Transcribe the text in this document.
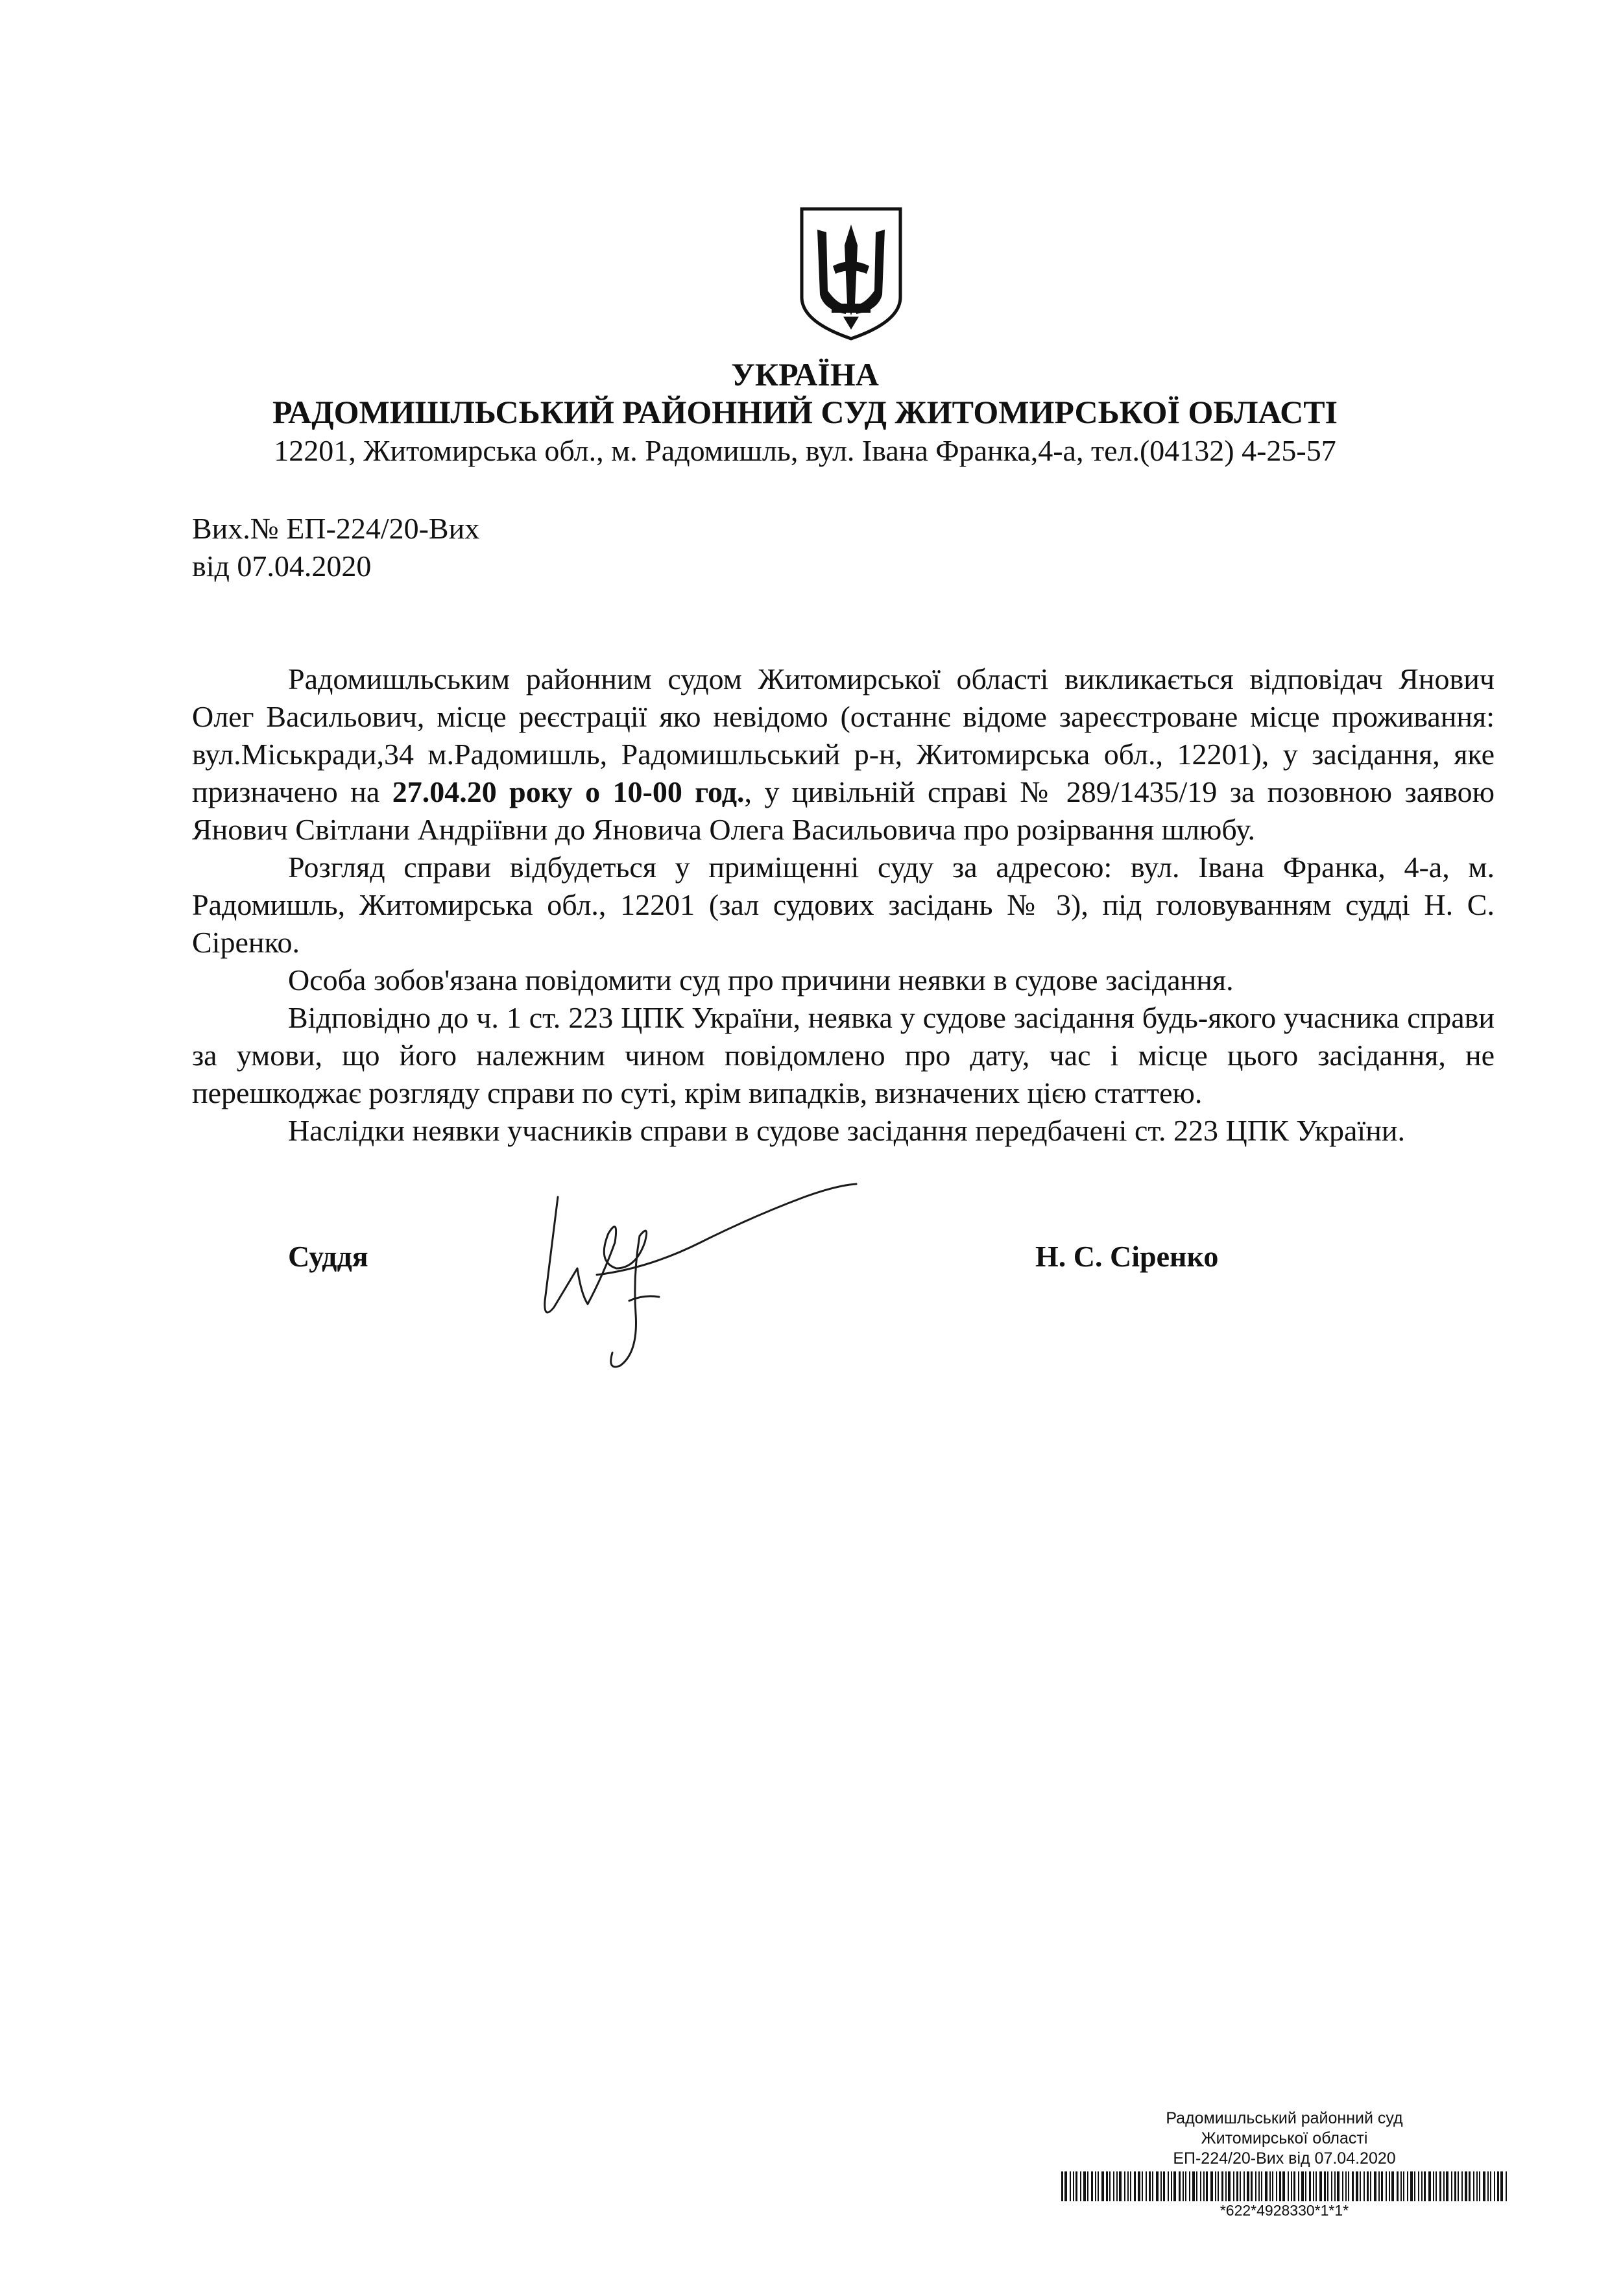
УКРАЇНА
РАДОМИШЛЬСЬКИЙ РАЙОННИЙ СУД ЖИТОМИРСЬКОЇ ОБЛАСТІ
12201, Житомирська обл., м. Радомишль, вул. Івана Франка,4-а, тел.(04132) 4-25-57
Вих.№ ЕП-224/20-Вих
від 07.04.2020

Радомишльським районним судом Житомирської області викликається відповідач Янович Олег Васильович, місце реєстрації яко невідомо (останнє відоме зареєстроване місце проживання: вул.Міськради,34 м.Радомишль, Радомишльський р-н, Житомирська обл., 12201), у засідання, яке призначено на 27.04.20 року о 10-00 год., у цивільній справі № 289/1435/19 за позовною заявою Янович Світлани Андріївни до Яновича Олега Васильовича про розірвання шлюбу.

Розгляд справи відбудеться у приміщенні суду за адресою: вул. Івана Франка, 4-а, м. Радомишль, Житомирська обл., 12201 (зал судових засідань № 3), під головуванням судді Н. С. Сіренко.

Особа зобов'язана повідомити суд про причини неявки в судове засідання.

Відповідно до ч. 1 ст. 223 ЦПК України, неявка у судове засідання будь-якого учасника справи за умови, що його належним чином повідомлено про дату, час і місце цього засідання, не перешкоджає розгляду справи по суті, крім випадків, визначених цією статтею.

Наслідки неявки учасників справи в судове засідання передбачені ст. 223 ЦПК України.

Суддя	Н. С. Сіренко
Радомишльський районний суд
Житомирської області
ЕП-224/20-Вих від 07.04.2020
*622*4928330*1*1*
